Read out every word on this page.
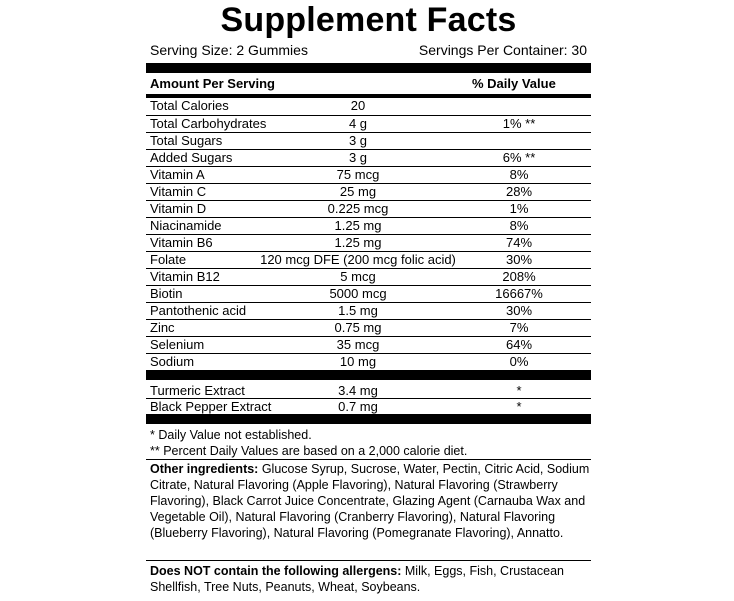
Supplement Facts
Serving Size: 2 Gummies	Servings Per Container: 30
Amount Per Serving	% Daily Value
Total Calories	20
Total Carbohydrates	4 g	1% **
Total Sugars	3 g
Added Sugars	3 g	6% **
Vitamin A	75 mcg	8%
Vitamin C	25 mg	28%
Vitamin D	0.225 mcg	1%
Niacinamide	1.25 mg	8%
Vitamin B6	1.25 mg	74%
Folate	120 mcg DFE (200 mcg folic acid)	30%
Vitamin B12	5 mcg	208%
Biotin	5000 mcg	16667%
Pantothenic acid	1.5 mg	30%
Zinc	0.75 mg	7%
Selenium	35 mcg	64%
Sodium	10 mg	0%
Turmeric Extract	3.4 mg	*
Black Pepper Extract	0.7 mg	*
* Daily Value not established.
** Percent Daily Values are based on a 2,000 calorie diet.
Other ingredients: Glucose Syrup, Sucrose, Water, Pectin, Citric Acid, Sodium Citrate, Natural Flavoring (Apple Flavoring), Natural Flavoring (Strawberry Flavoring), Black Carrot Juice Concentrate, Glazing Agent (Carnauba Wax and Vegetable Oil), Natural Flavoring (Cranberry Flavoring), Natural Flavoring (Blueberry Flavoring), Natural Flavoring (Pomegranate Flavoring), Annatto.
Does NOT contain the following allergens: Milk, Eggs, Fish, Crustacean Shellfish, Tree Nuts, Peanuts, Wheat, Soybeans.
